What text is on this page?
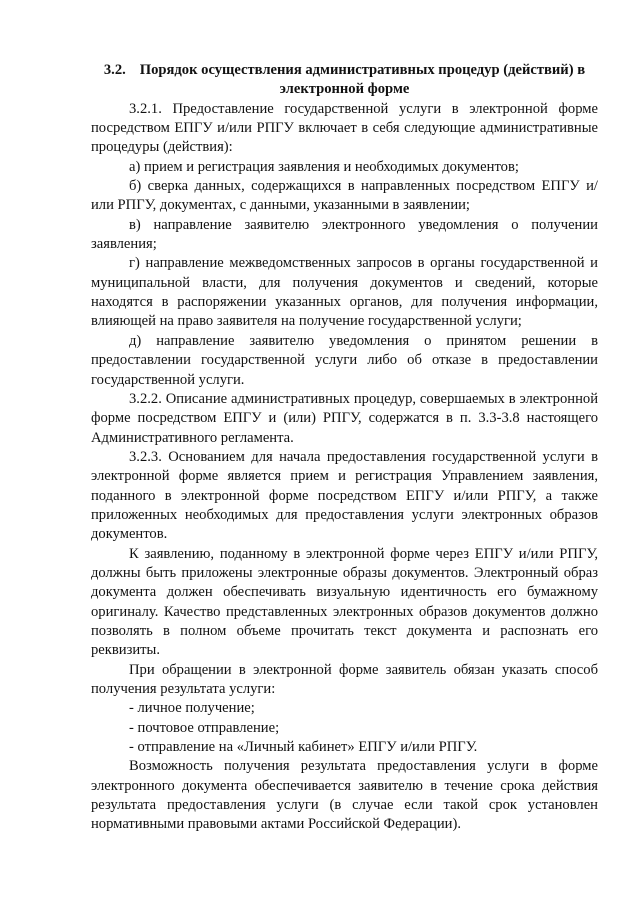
3.2. Порядок осуществления административных процедур (действий) в электронной форме

3.2.1. Предоставление государственной услуги в электронной форме посредством ЕПГУ и/или РПГУ включает в себя следующие административные процедуры (действия):

а) прием и регистрация заявления и необходимых документов;

б) сверка данных, содержащихся в направленных посредством ЕПГУ и/или РПГУ, документах, с данными, указанными в заявлении;

в) направление заявителю электронного уведомления о получении заявления;

г) направление межведомственных запросов в органы государственной и муниципальной власти, для получения документов и сведений, которые находятся в распоряжении указанных органов, для получения информации, влияющей на право заявителя на получение государственной услуги;

д) направление заявителю уведомления о принятом решении в предоставлении государственной услуги либо об отказе в предоставлении государственной услуги.

3.2.2. Описание административных процедур, совершаемых в электронной форме посредством ЕПГУ и (или) РПГУ, содержатся в п. 3.3-3.8 настоящего Административного регламента.

3.2.3. Основанием для начала предоставления государственной услуги в электронной форме является прием и регистрация Управлением заявления, поданного в электронной форме посредством ЕПГУ и/или РПГУ, а также приложенных необходимых для предоставления услуги электронных образов документов.

К заявлению, поданному в электронной форме через ЕПГУ и/или РПГУ, должны быть приложены электронные образы документов. Электронный образ документа должен обеспечивать визуальную идентичность его бумажному оригиналу. Качество представленных электронных образов документов должно позволять в полном объеме прочитать текст документа и распознать его реквизиты.

При обращении в электронной форме заявитель обязан указать способ получения результата услуги:

- личное получение;

- почтовое отправление;

- отправление на «Личный кабинет» ЕПГУ и/или РПГУ.

Возможность получения результата предоставления услуги в форме электронного документа обеспечивается заявителю в течение срока действия результата предоставления услуги (в случае если такой срок установлен нормативными правовыми актами Российской Федерации).
